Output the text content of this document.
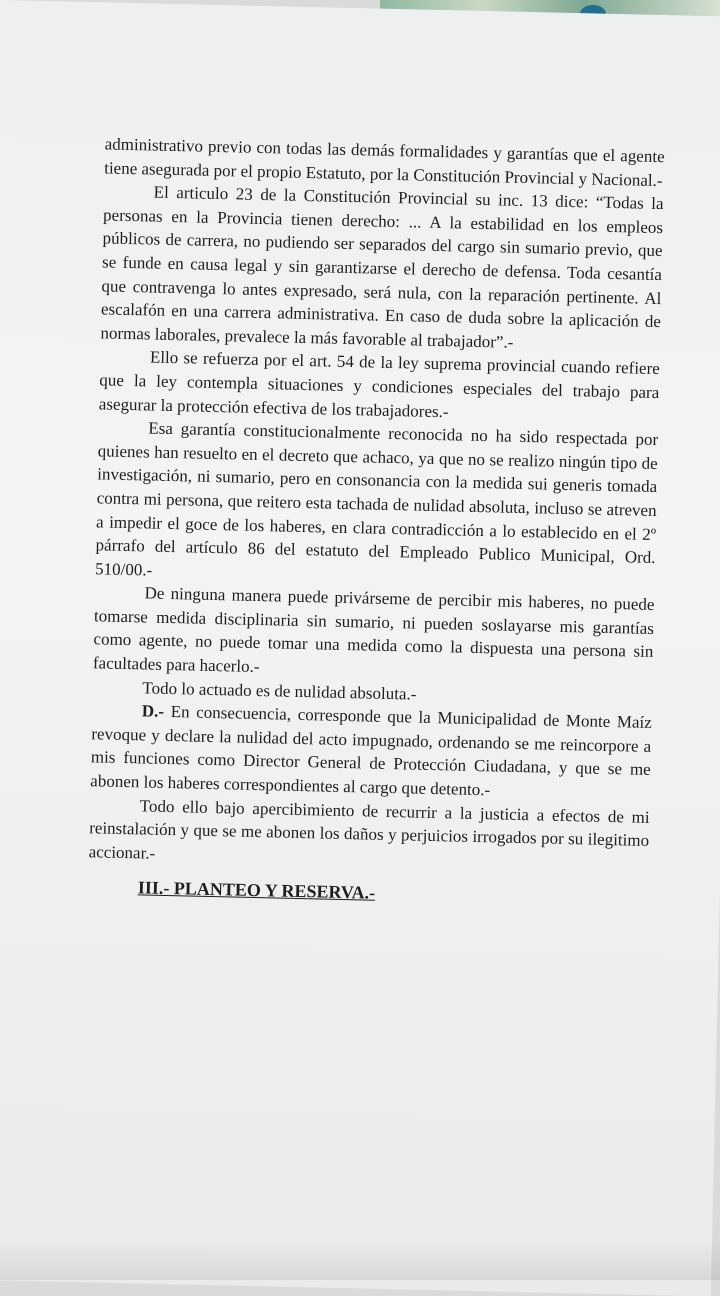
administrativo previo con todas las demás formalidades y garantías que el agente tiene asegurada por el propio Estatuto, por la Constitución Provincial y Nacional.-

El articulo 23 de la Constitución Provincial su inc. 13 dice: “Todas la personas en la Provincia tienen derecho: ... A la estabilidad en los empleos públicos de carrera, no pudiendo ser separados del cargo sin sumario previo, que se funde en causa legal y sin garantizarse el derecho de defensa. Toda cesantía que contravenga lo antes expresado, será nula, con la reparación pertinente. Al escalafón en una carrera administrativa. En caso de duda sobre la aplicación de normas laborales, prevalece la más favorable al trabajador”.-

Ello se refuerza por el art. 54 de la ley suprema provincial cuando refiere que la ley contempla situaciones y condiciones especiales del trabajo para asegurar la protección efectiva de los trabajadores.-

Esa garantía constitucionalmente reconocida no ha sido respectada por quienes han resuelto en el decreto que achaco, ya que no se realizo ningún tipo de investigación, ni sumario, pero en consonancia con la medida sui generis tomada contra mi persona, que reitero esta tachada de nulidad absoluta, incluso se atreven a impedir el goce de los haberes, en clara contradicción a lo establecido en el 2º párrafo del artículo 86 del estatuto del Empleado Publico Municipal, Ord. 510/00.-

De ninguna manera puede privárseme de percibir mis haberes, no puede tomarse medida disciplinaria sin sumario, ni pueden soslayarse mis garantías como agente, no puede tomar una medida como la dispuesta una persona sin facultades para hacerlo.-

Todo lo actuado es de nulidad absoluta.-

D.- En consecuencia, corresponde que la Municipalidad de Monte Maíz revoque y declare la nulidad del acto impugnado, ordenando se me reincorpore a mis funciones como Director General de Protección Ciudadana, y que se me abonen los haberes correspondientes al cargo que detento.-

Todo ello bajo apercibimiento de recurrir a la justicia a efectos de mi reinstalación y que se me abonen los daños y perjuicios irrogados por su ilegitimo accionar.-

III.- PLANTEO Y RESERVA.-
